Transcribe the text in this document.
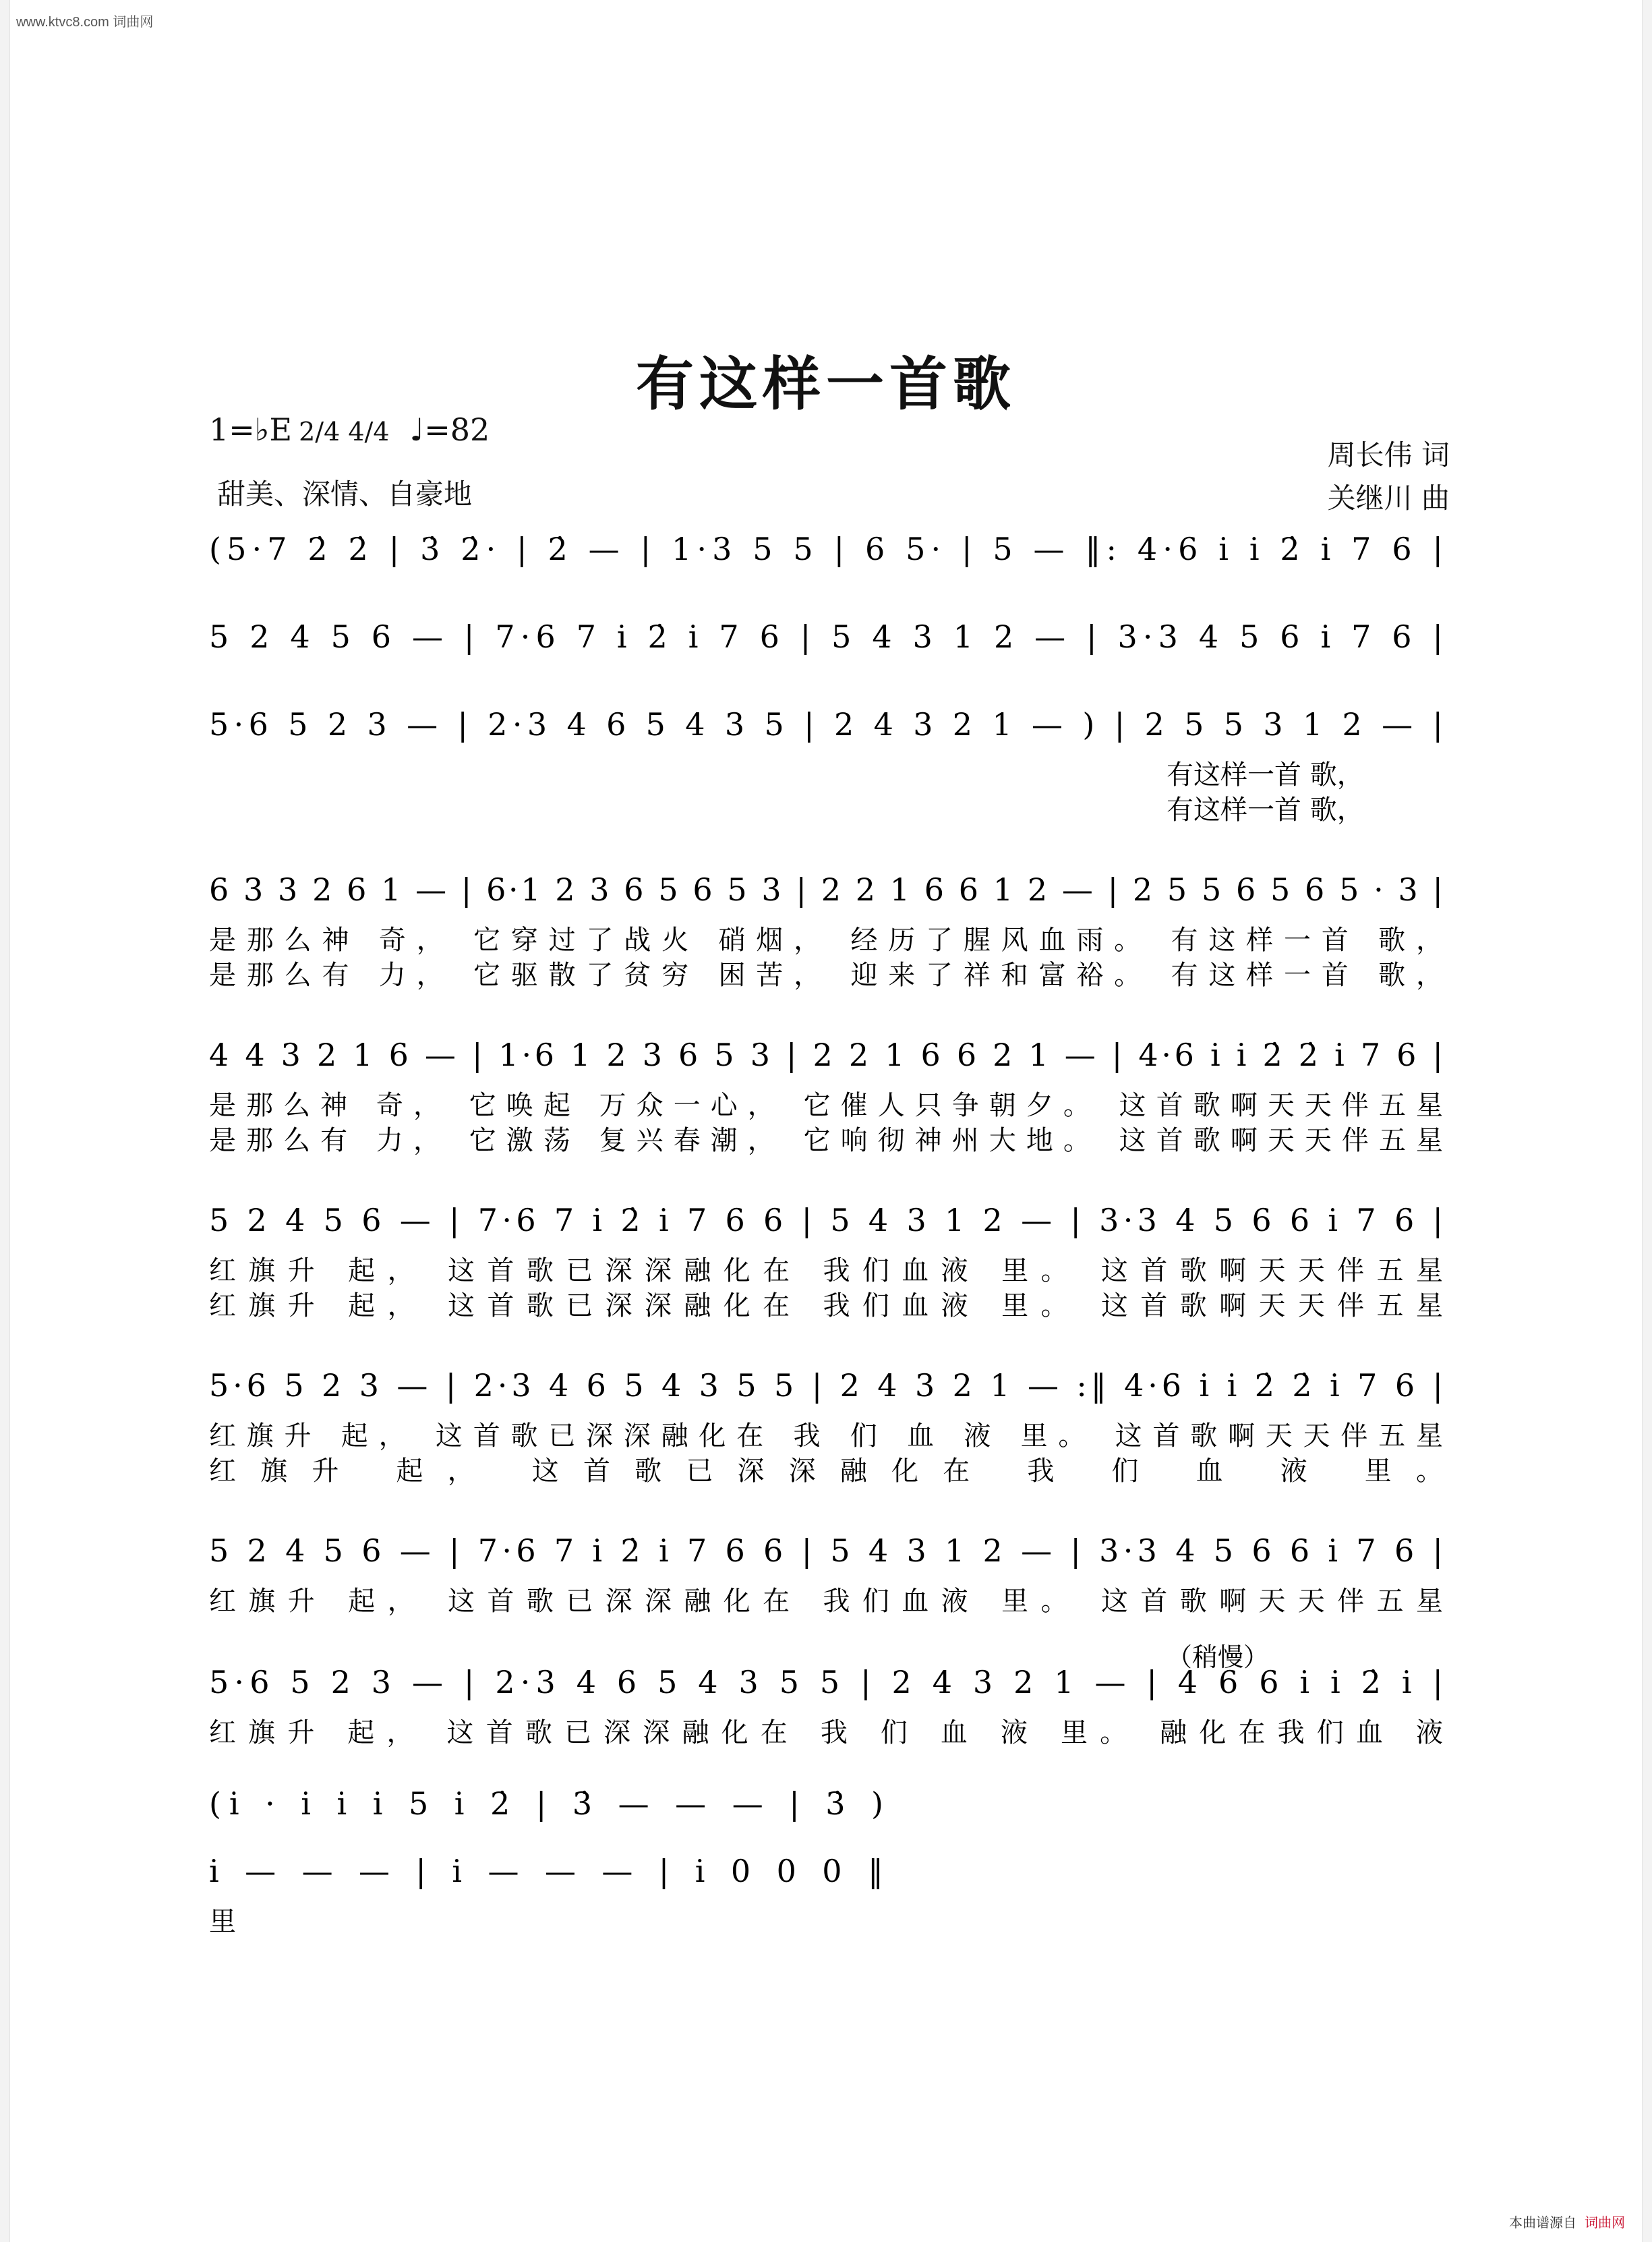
www.ktvc8.com 词曲网
有这样一首歌
1=♭E 2/4 4/4 ♩=82
甜美、深情、自豪地
周长伟 词
关继川 曲
（稍慢）
(5·7 2̇ 2̇ | 3̇ 2̇· | 2̇ — | 1·3 5 5 | 6 5· | 5 — ‖: 4·6 i i 2̇ i 7 6 |
5 2 4 5 6 — | 7·6 7 i 2̇ i 7 6 | 5 4 3 1 2 — | 3·3 4 5 6 i 7 6 |
5·6 5 2 3 — | 2·3 4 6 5 4 3 5 | 2 4 3 2 1 — ) | 2 5 5 3 1 2 — |
有这样一首 歌，
有这样一首 歌，
6 3 3 2 6 1 — | 6·1 2 3 6 5 6 5 3 | 2 2 1 6 6 1 2 — | 2 5 5 6 5 6 5 · 3 |
是那么神 奇， 它穿过了战火 硝烟， 经历了腥风血雨。 有这样一首 歌，
是那么有 力， 它驱散了贫穷 困苦， 迎来了祥和富裕。 有这样一首 歌，
4 4 3 2 1 6 — | 1·6 1 2 3 6 5 3 | 2 2 1 6 6 2 1 — | 4·6 i i 2̇ 2̇ i 7 6 |
是那么神 奇， 它唤起 万众一心， 它催人只争朝夕。 这首歌啊天天伴五星
是那么有 力， 它激荡 复兴春潮， 它响彻神州大地。 这首歌啊天天伴五星
5 2 4 5 6 — | 7·6 7 i 2̇ i 7 6 6 | 5 4 3 1 2 — | 3·3 4 5 6 6 i 7 6 |
红旗升 起， 这首歌已深深融化在 我们血液 里。 这首歌啊天天伴五星
红旗升 起， 这首歌已深深融化在 我们血液 里。 这首歌啊天天伴五星
5·6 5 2 3 — | 2·3 4 6 5 4 3 5 5 | 2 4 3 2 1 — :‖ 4·6 i i 2̇ 2̇ i 7 6 |
红旗升 起， 这首歌已深深融化在 我 们 血 液 里。 这首歌啊天天伴五星
红旗升 起， 这首歌已深深融化在 我 们 血 液 里。
5 2 4 5 6 — | 7·6 7 i 2̇ i 7 6 6 | 5 4 3 1 2 — | 3·3 4 5 6 6 i 7 6 |
红旗升 起， 这首歌已深深融化在 我们血液 里。 这首歌啊天天伴五星
5·6 5 2 3 — | 2·3 4 6 5 4 3 5 5 | 2 4 3 2 1 — | 4 6 6 i i 2̇ i |
红旗升 起， 这首歌已深深融化在 我 们 血 液 里。 融化在我们血 液
(i · i i i 5 i 2̇ | 3̇ — — — | 3̇ )
i — — — | i — — — | i 0 0 0 ‖
里
本曲谱源自 词曲网
